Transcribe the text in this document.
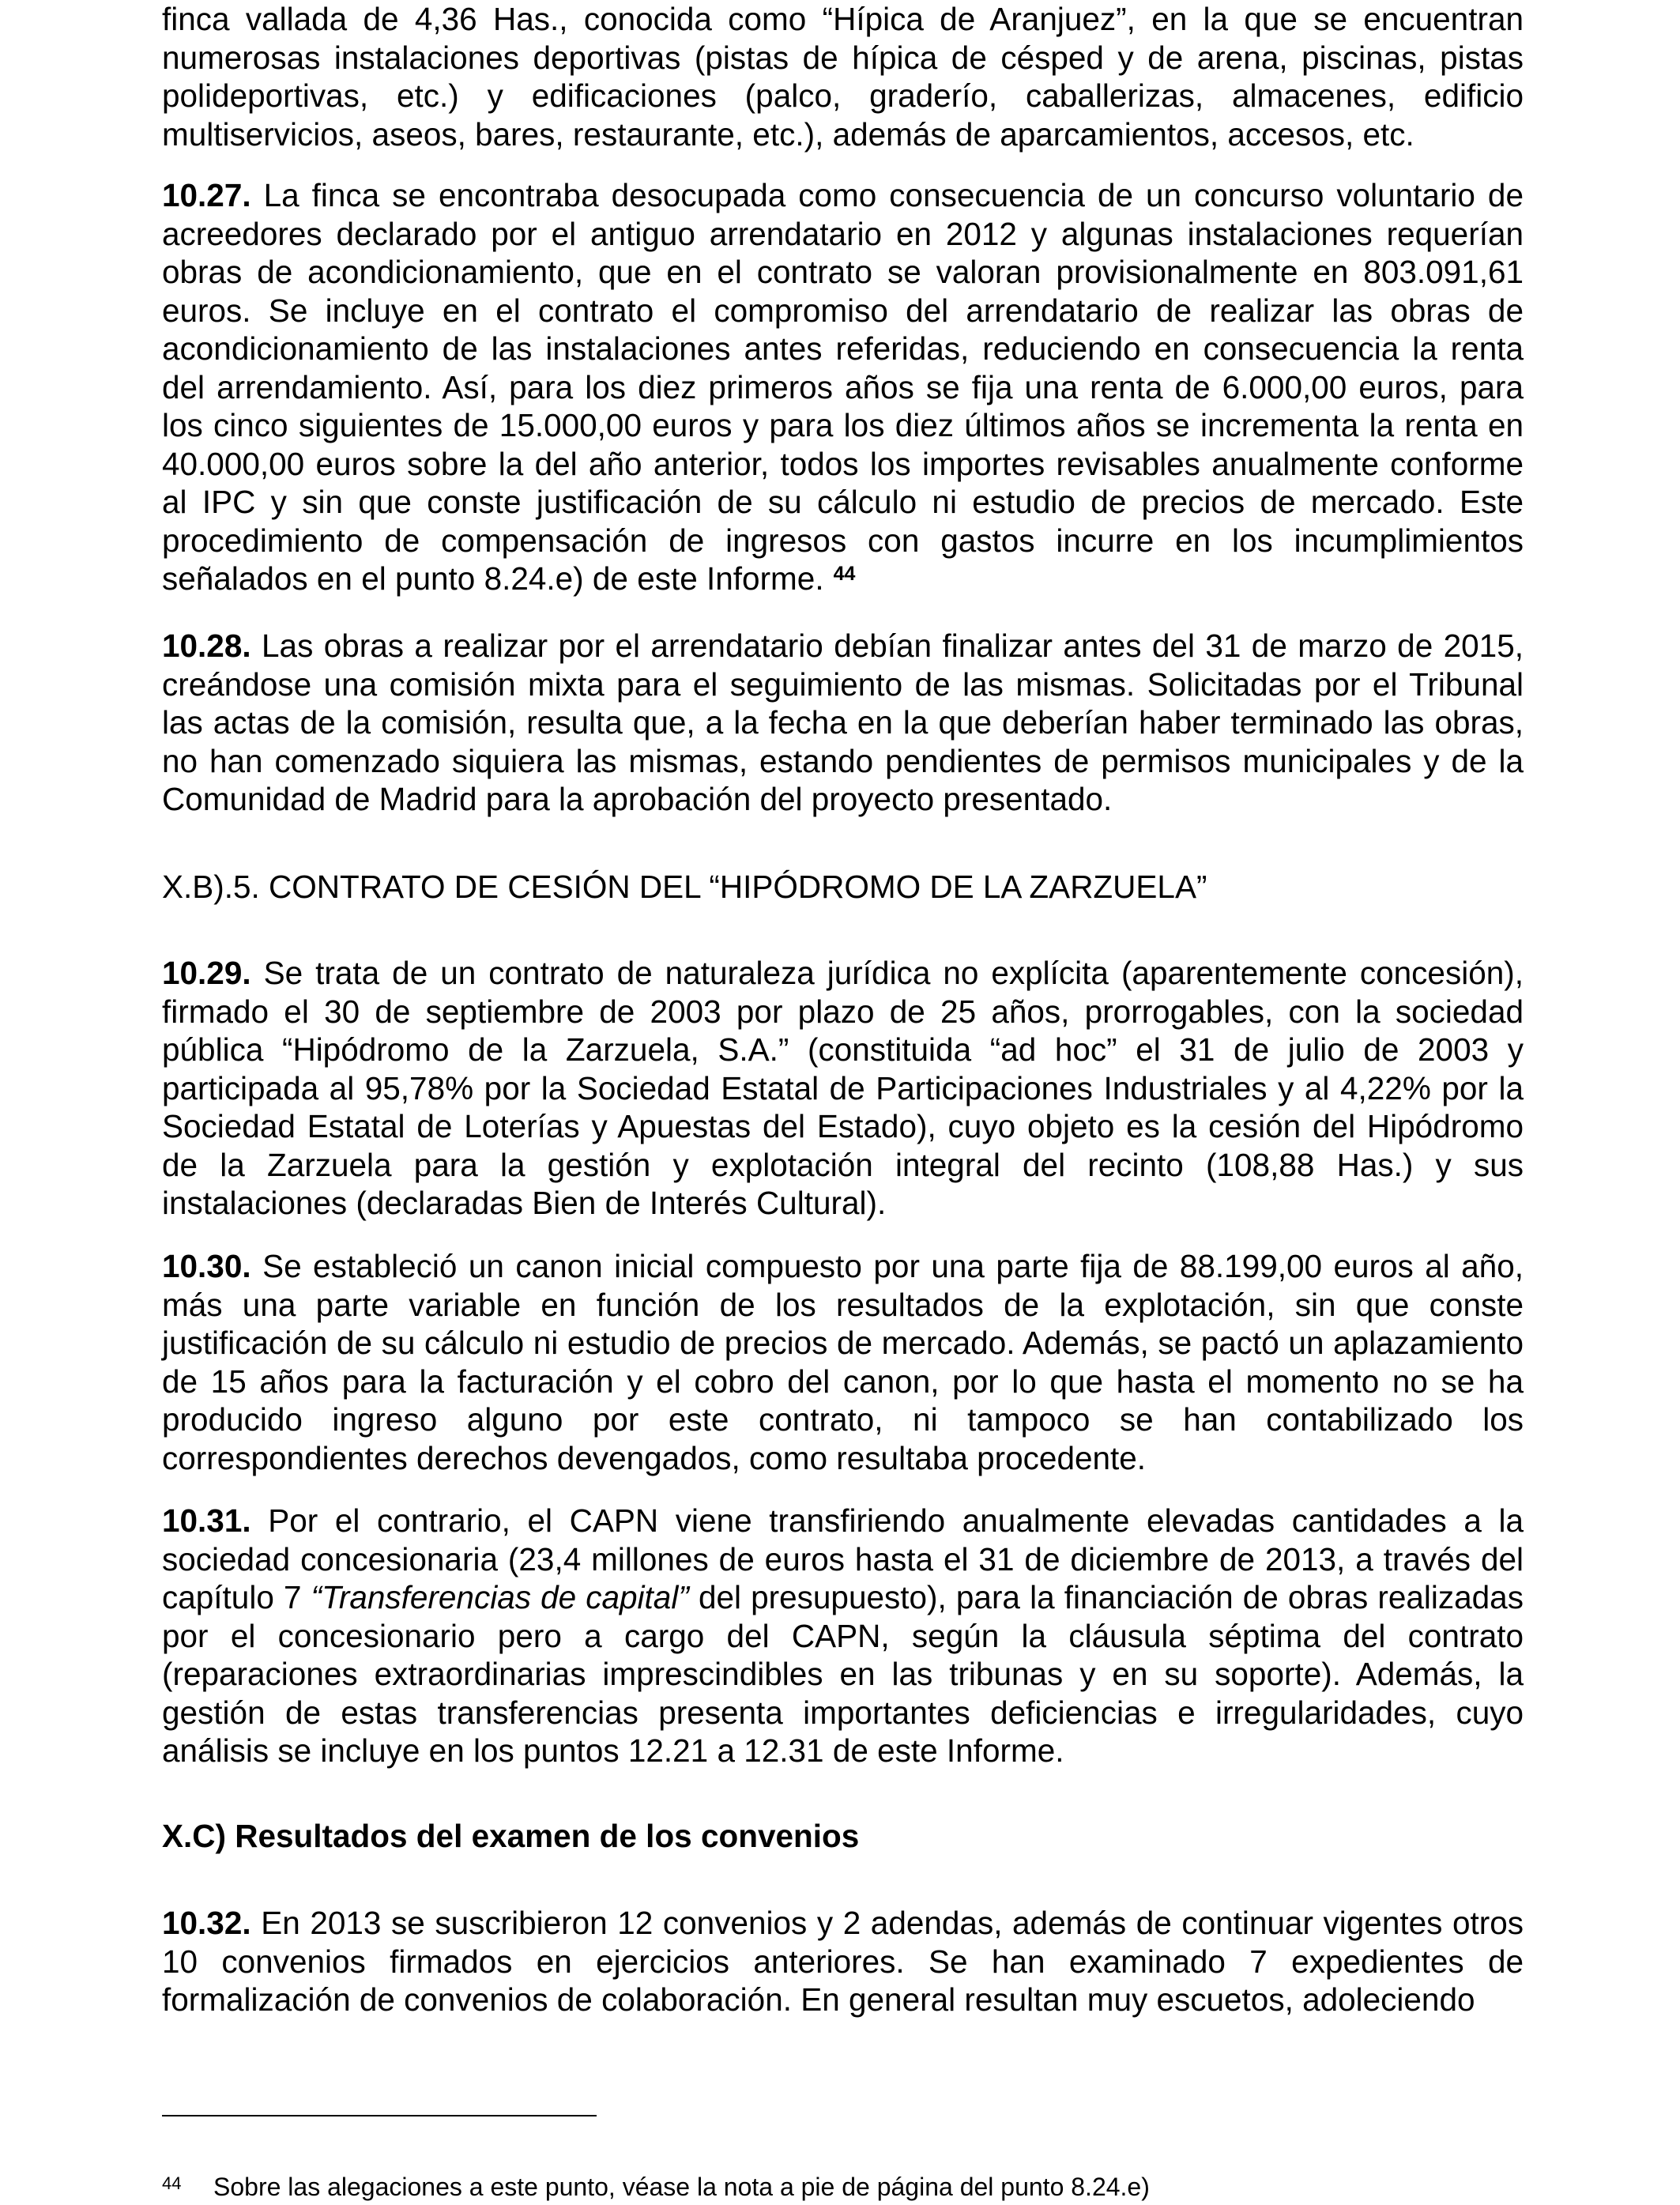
finca vallada de 4,36 Has., conocida como “Hípica de Aranjuez”, en la que se encuentran numerosas instalaciones deportivas (pistas de hípica de césped y de arena, piscinas, pistas polideportivas, etc.) y edificaciones (palco, graderío, caballerizas, almacenes, edificio multiservicios, aseos, bares, restaurante, etc.), además de aparcamientos, accesos, etc.

10.27. La finca se encontraba desocupada como consecuencia de un concurso voluntario de acreedores declarado por el antiguo arrendatario en 2012 y algunas instalaciones requerían obras de acondicionamiento, que en el contrato se valoran provisionalmente en 803.091,61 euros. Se incluye en el contrato el compromiso del arrendatario de realizar las obras de acondicionamiento de las instalaciones antes referidas, reduciendo en consecuencia la renta del arrendamiento. Así, para los diez primeros años se fija una renta de 6.000,00 euros, para los cinco siguientes de 15.000,00 euros y para los diez últimos años se incrementa la renta en 40.000,00 euros sobre la del año anterior, todos los importes revisables anualmente conforme al IPC y sin que conste justificación de su cálculo ni estudio de precios de mercado. Este procedimiento de compensación de ingresos con gastos incurre en los incumplimientos señalados en el punto 8.24.e) de este Informe. $^{44}$

10.28. Las obras a realizar por el arrendatario debían finalizar antes del 31 de marzo de 2015, creándose una comisión mixta para el seguimiento de las mismas. Solicitadas por el Tribunal las actas de la comisión, resulta que, a la fecha en la que deberían haber terminado las obras, no han comenzado siquiera las mismas, estando pendientes de permisos municipales y de la Comunidad de Madrid para la aprobación del proyecto presentado.

X.B).5. CONTRATO DE CESIÓN DEL “HIPÓDROMO DE LA ZARZUELA”

10.29. Se trata de un contrato de naturaleza jurídica no explícita (aparentemente concesión), firmado el 30 de septiembre de 2003 por plazo de 25 años, prorrogables, con la sociedad pública “Hipódromo de la Zarzuela, S.A.” (constituida “ad hoc” el 31 de julio de 2003 y participada al 95,78% por la Sociedad Estatal de Participaciones Industriales y al 4,22% por la Sociedad Estatal de Loterías y Apuestas del Estado), cuyo objeto es la cesión del Hipódromo de la Zarzuela para la gestión y explotación integral del recinto (108,88 Has.) y sus instalaciones (declaradas Bien de Interés Cultural).

10.30. Se estableció un canon inicial compuesto por una parte fija de 88.199,00 euros al año, más una parte variable en función de los resultados de la explotación, sin que conste justificación de su cálculo ni estudio de precios de mercado. Además, se pactó un aplazamiento de 15 años para la facturación y el cobro del canon, por lo que hasta el momento no se ha producido ingreso alguno por este contrato, ni tampoco se han contabilizado los correspondientes derechos devengados, como resultaba procedente.

10.31. Por el contrario, el CAPN viene transfiriendo anualmente elevadas cantidades a la sociedad concesionaria (23,4 millones de euros hasta el 31 de diciembre de 2013, a través del capítulo 7 “Transferencias de capital” del presupuesto), para la financiación de obras realizadas por el concesionario pero a cargo del CAPN, según la cláusula séptima del contrato (reparaciones extraordinarias imprescindibles en las tribunas y en su soporte). Además, la gestión de estas transferencias presenta importantes deficiencias e irregularidades, cuyo análisis se incluye en los puntos 12.21 a 12.31 de este Informe.

X.C) Resultados del examen de los convenios

10.32. En 2013 se suscribieron 12 convenios y 2 adendas, además de continuar vigentes otros 10 convenios firmados en ejercicios anteriores. Se han examinado 7 expedientes de formalización de convenios de colaboración. En general resultan muy escuetos, adoleciendo

44 Sobre las alegaciones a este punto, véase la nota a pie de página del punto 8.24.e)
